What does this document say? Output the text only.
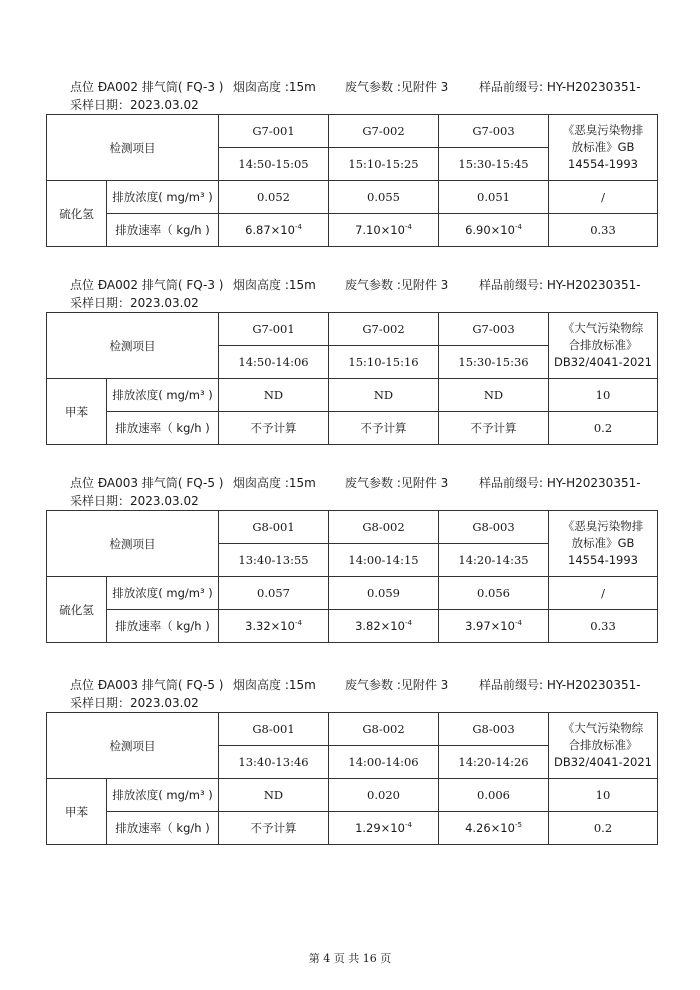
点位 ĐA002 排气筒( FQ-3 ) 烟囱高度 :15m 废气参数 :见附件 3	样品前缀号: HY-H20230351-
采样日期：2023.03.02
检测项目		G7-001	G7-002	G7-003	《恶臭污染物排
放标准》GB
14554-1993

		14:50-15:05	15:10-15:25	15:30-15:45	
硫化氢	排放浓度( mg/m³ )	0.052	0.055	0.051	/
	排放速率（ kg/h )	$6.87\times 10^{-4}$	$7.10\times 10^{-4}$	$6.90\times 10^{-4}$	0.33
点位 ĐA002 排气筒( FQ-3 ) 烟囱高度 :15m 废气参数 :见附件 3	样品前缀号: HY-H20230351-
采样日期：2023.03.02
检测项目		G7-001	G7-002	G7-003	《大气污染物综
合排放标准》
DB32/4041-2021

		14:50-14:06	15:10-15:16	15:30-15:36	
甲苯	排放浓度( mg/m³ )	ND	ND	ND	10
	排放速率（ kg/h )	不予计算	不予计算	不予计算	0.2
点位 ĐA003 排气筒( FQ-5 ) 烟囱高度 :15m 废气参数 :见附件 3	样品前缀号: HY-H20230351-
采样日期：2023.03.02
检测项目		G8-001	G8-002	G8-003	《恶臭污染物排
放标准》GB
14554-1993

		13:40-13:55	14:00-14:15	14:20-14:35	
硫化氢	排放浓度( mg/m³ )	0.057	0.059	0.056	/
	排放速率（ kg/h )	$3.32\times 10^{-4}$	$3.82\times 10^{-4}$	$3.97\times 10^{-4}$	0.33
点位 ĐA003 排气筒( FQ-5 ) 烟囱高度 :15m 废气参数 :见附件 3	样品前缀号: HY-H20230351-
采样日期：2023.03.02
检测项目		G8-001	G8-002	G8-003	《大气污染物综
合排放标准》
DB32/4041-2021

		13:40-13:46	14:00-14:06	14:20-14:26	
甲苯	排放浓度( mg/m³ )	ND	0.020	0.006	10
	排放速率（ kg/h )	不予计算	$1.29\times 10^{-4}$	$4.26\times 10^{-5}$	0.2
第 4 页 共 16 页
